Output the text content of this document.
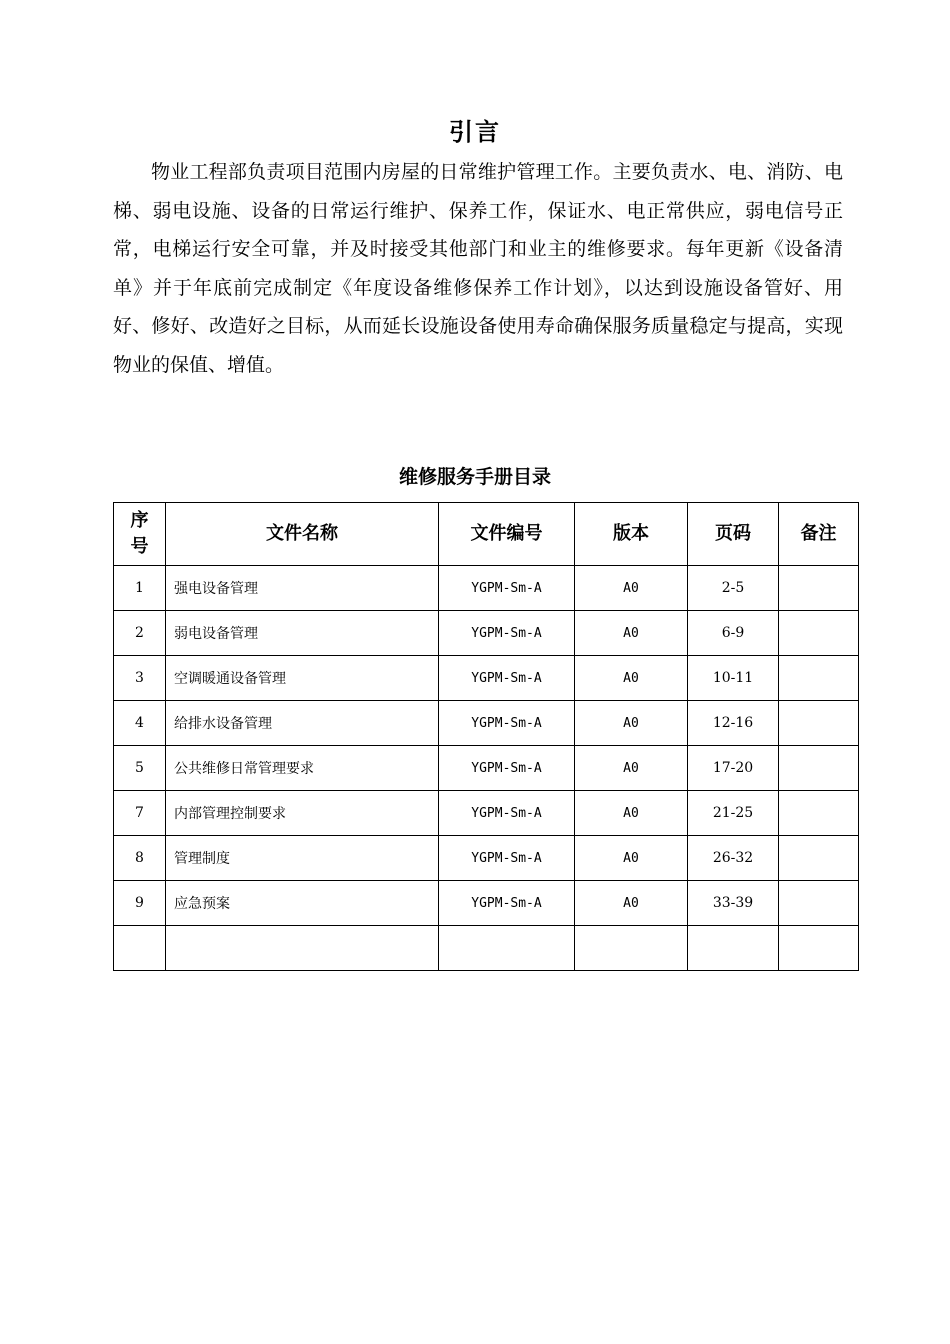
引言

物业工程部负责项目范围内房屋的日常维护管理工作。主要负责水、电、消防、电梯、弱电设施、设备的日常运行维护、保养工作，保证水、电正常供应，弱电信号正常，电梯运行安全可靠，并及时接受其他部门和业主的维修要求。每年更新《设备清单》并于年底前完成制定《年度设备维修保养工作计划》，以达到设施设备管好、用好、修好、改造好之目标，从而延长设施设备使用寿命确保服务质量稳定与提高，实现物业的保值、增值。

维修服务手册目录
序号	文件名称	文件编号	版本	页码	备注
1	强电设备管理	YGPM-Sm-A	A0	2-5	
2	弱电设备管理	YGPM-Sm-A	A0	6-9	
3	空调暖通设备管理	YGPM-Sm-A	A0	10-11	
4	给排水设备管理	YGPM-Sm-A	A0	12-16	
5	公共维修日常管理要求	YGPM-Sm-A	A0	17-20	
7	内部管理控制要求	YGPM-Sm-A	A0	21-25	
8	管理制度	YGPM-Sm-A	A0	26-32	
9	应急预案	YGPM-Sm-A	A0	33-39	
